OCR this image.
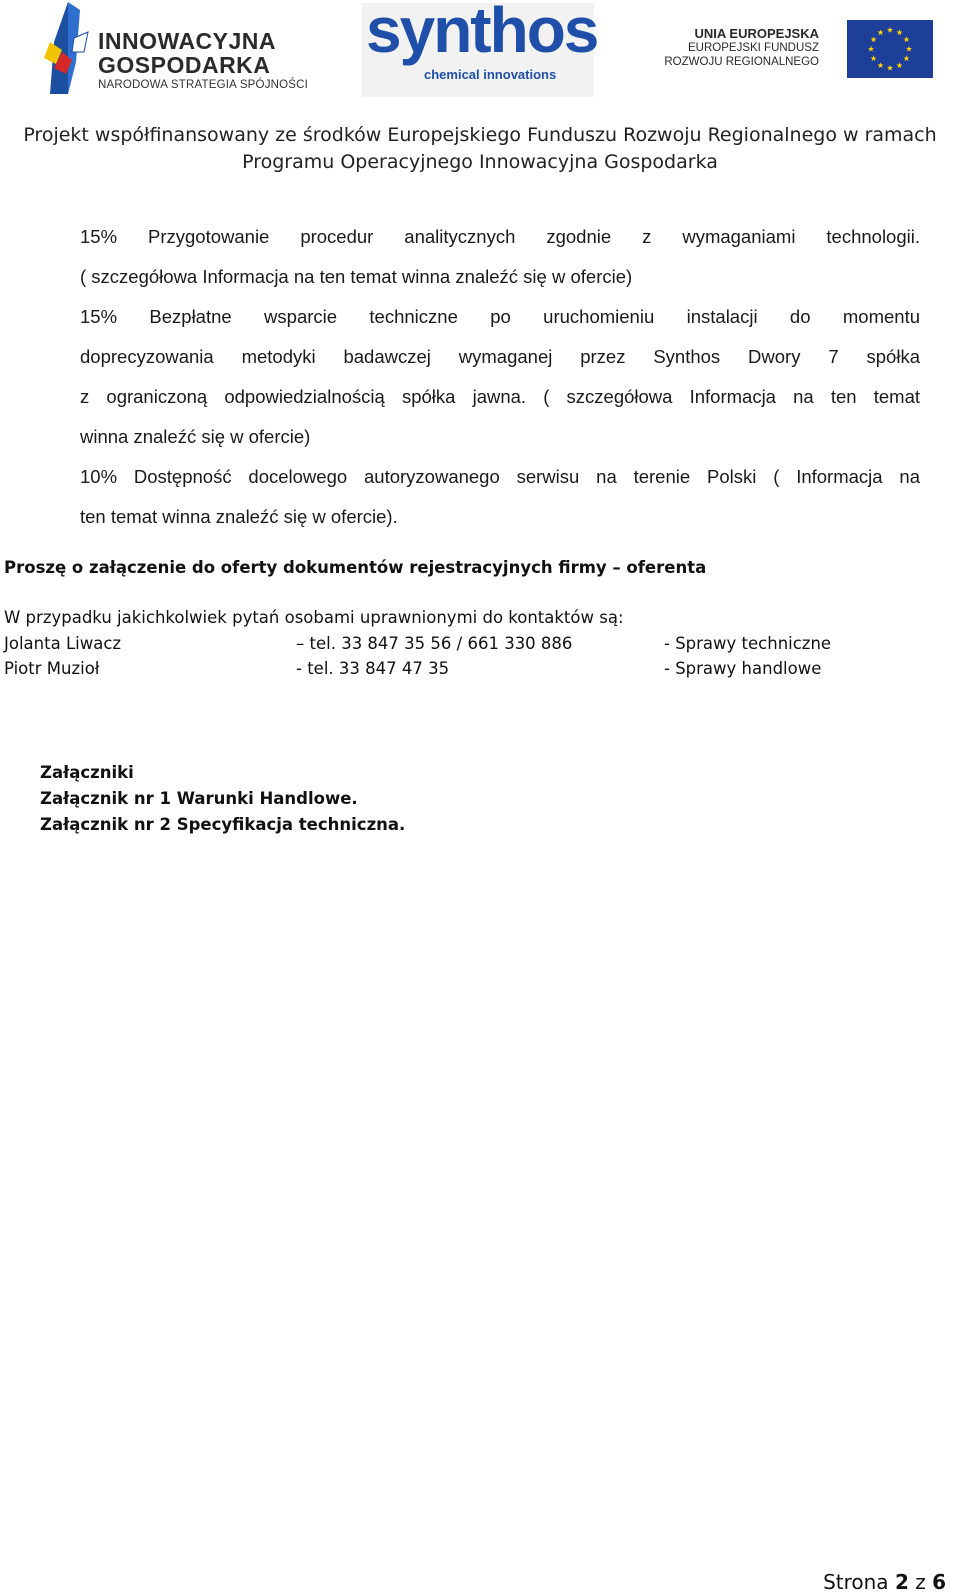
INNOWACYJNA
GOSPODARKA
NARODOWA STRATEGIA SPÓJNOŚCI
synthos
chemical innovations
UNIA EUROPEJSKA
EUROPEJSKI FUNDUSZ
ROZWOJU REGIONALNEGO
Projekt współfinansowany ze środków Europejskiego Funduszu Rozwoju Regionalnego w ramach
Programu Operacyjnego Innowacyjna Gospodarka
15% Przygotowanie procedur analitycznych zgodnie z wymaganiami technologii.
( szczegółowa Informacja na ten temat winna znaleźć się w ofercie)
15% Bezpłatne wsparcie techniczne po uruchomieniu instalacji do momentu
doprecyzowania metodyki badawczej wymaganej przez Synthos Dwory 7 spółka
z ograniczoną odpowiedzialnością spółka jawna. ( szczegółowa Informacja na ten temat
winna znaleźć się w ofercie)
10% Dostępność docelowego autoryzowanego serwisu na terenie Polski ( Informacja na
ten temat winna znaleźć się w ofercie).
Proszę o załączenie do oferty dokumentów rejestracyjnych firmy – oferenta
W przypadku jakichkolwiek pytań osobami uprawnionymi do kontaktów są:
Jolanta Liwacz	– tel. 33 847 35 56 / 661 330 886	- Sprawy techniczne
Piotr Muzioł	- tel. 33 847 47 35	- Sprawy handlowe
Załączniki
Załącznik nr 1 Warunki Handlowe.
Załącznik nr 2 Specyfikacja techniczna.
Strona 2 z 6
